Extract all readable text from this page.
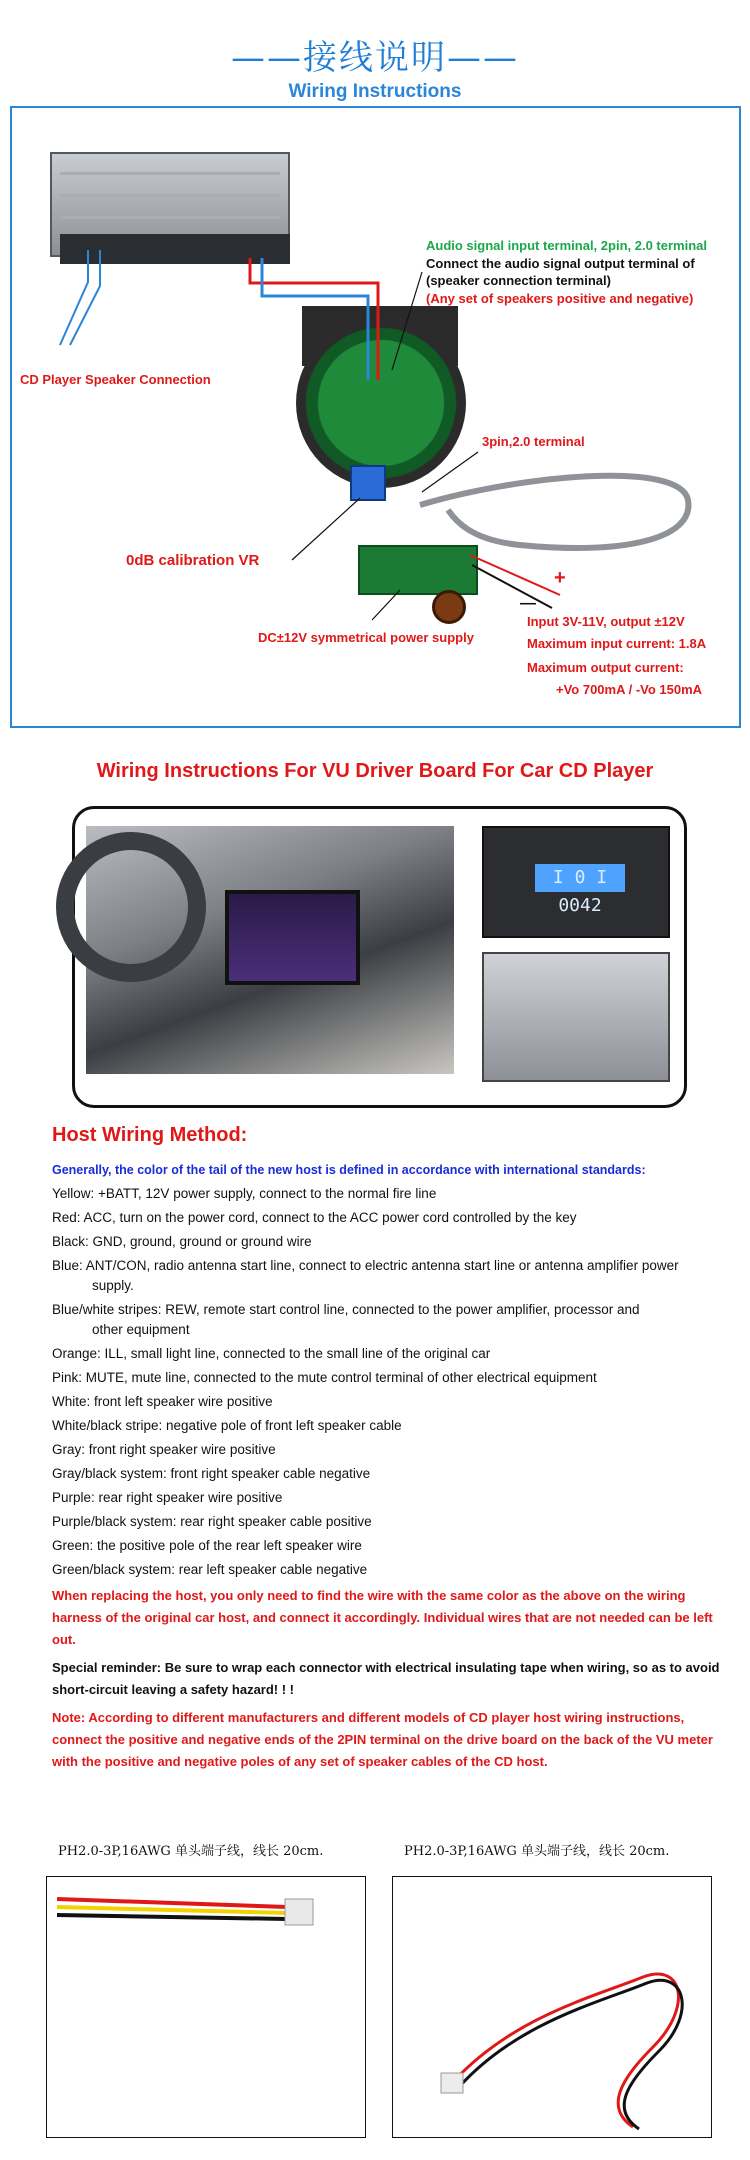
——接线说明——
Wiring Instructions
Audio signal input terminal, 2pin, 2.0 terminal
Connect the audio signal output terminal of
(speaker connection terminal)
(Any set of speakers positive and negative)
CD Player Speaker Connection
3pin,2.0 terminal
0dB calibration VR
DC±12V symmetrical power supply
+
—
Input 3V-11V, output ±12V
Maximum input current: 1.8A
Maximum output current:
+Vo 700mA / -Vo 150mA
Wiring Instructions For VU Driver Board For Car CD Player
I 0 I 0042
Host Wiring Method:

Generally, the color of the tail of the new host is defined in accordance with international standards:

Yellow: +BATT, 12V power supply, connect to the normal fire line

Red: ACC, turn on the power cord, connect to the ACC power cord controlled by the key

Black: GND, ground, ground or ground wire

Blue: ANT/CON, radio antenna start line, connect to electric antenna start line or antenna amplifier power

supply.

Blue/white stripes: REW, remote start control line, connected to the power amplifier, processor and

other equipment

Orange: ILL, small light line, connected to the small line of the original car

Pink: MUTE, mute line, connected to the mute control terminal of other electrical equipment

White: front left speaker wire positive

White/black stripe: negative pole of front left speaker cable

Gray: front right speaker wire positive

Gray/black system: front right speaker cable negative

Purple: rear right speaker wire positive

Purple/black system: rear right speaker cable positive

Green: the positive pole of the rear left speaker wire

Green/black system: rear left speaker cable negative

When replacing the host, you only need to find the wire with the same color as the above on the wiring harness of the original car host, and connect it accordingly. Individual wires that are not needed can be left out.

Special reminder: Be sure to wrap each connector with electrical insulating tape when wiring, so as to avoid short-circuit leaving a safety hazard! ! !

Note: According to different manufacturers and different models of CD player host wiring instructions, connect the positive and negative ends of the 2PIN terminal on the drive board on the back of the VU meter with the positive and negative poles of any set of speaker cables of the CD host.

PH2.0-3P,16AWG 单头端子线，线长 20cm.	PH2.0-3P,16AWG 单头端子线，线长 20cm.
